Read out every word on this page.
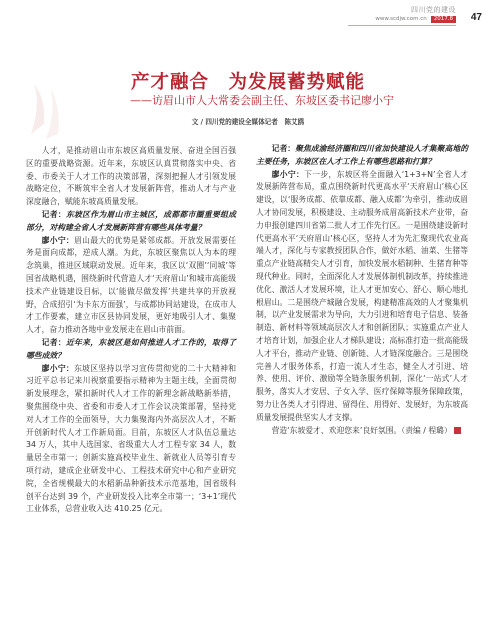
四川党的建设
www.scdjw.com.cn	2017.8	47
产才融合　为发展蓄势赋能
——访眉山市人大常委会副主任、东坡区委书记廖小宁
文 / 四川党的建设全媒体记者　陈艾鸥

人才，是推动眉山市东坡区高质量发展、奋进全国百强区的重要战略资源。近年来，东坡区认真贯彻落实中央、省委、市委关于人才工作的决策部署，深刻把握人才引领发展战略定位，不断筑牢全省人才发展新阵营，推动人才与产业深度融合，赋能东坡高质量发展。

记者：东坡区作为眉山市主城区，成都都市圈重要组成部分，对构建全省人才发展新阵营有哪些具体考量？

廖小宁：眉山最大的优势是紧邻成都。开放发展需要任务是面向成都，逆成人潮。为此，东坡区聚焦以人为本的理念筑巢，推进区域联动发展。近年来，我区以‘双圈’‘同城’等国省战略机遇，围绕新时代营造人才‘天府眉山’和城市高能级技术产业链建设目标，以‘能做尽做发挥’共建共享的开放视野，合成招引‘为卡东方面强’，与成都协同站建设，在成市人才工作要素，建立市区县协同发展，更好地吸引人才、集聚人才，奋力推动各地中业发展走在眉山市前面。

记者：近年来，东坡区是如何推进人才工作的，取得了哪些成效？

廖小宁：东坡区坚持以学习宣传贯彻党的二十大精神和习近平总书记来川视察重要指示精神为主题主线，全面贯彻新发展理念，紧扣新时代人才工作的新理念新战略新举措，聚焦围绕中央、省委和市委人才工作会议决策部署，坚持党对人才工作的全面领导，大力集聚海内外高层次人才，不断开创新时代人才工作新局面。目前，东坡区人才队伍总量达 34 万人，其中人选国家、省级重大人才工程专家 34 人，数量居全市第一；创新实施高校毕业生、新就业人员等引育专项行动，建成企业研发中心、工程技术研究中心和产业研究院，全省规模最大的水稻新品种新技术示范基地，国省级科创平台达到 39 个，产业研发投入比率全市第一；‘3+1’现代工业体系，总营业收入达 410.25 亿元。

记者：聚焦成渝经济圈和四川省加快建设人才集聚高地的主要任务，东坡区在人才工作上有哪些思路和打算？

廖小宁：下一步，东坡区将全面融入‘1+3+N’全省人才发展新阵营布局，重点围绕新时代更高水平‘天府眉山’核心区建设，以‘服务成都、依靠成都、融入成都’为牵引，推动成眉人才协同发展，积极建设、主动服务成眉高新技术产业带，奋力申报创建四川省第二批人才工作先行区。一是围绕建设新时代更高水平‘天府眉山’核心区，坚持人才为先汇聚现代农业高端人才，深化与专家教授团队合作，做好水稻、油菜、生猪等重点产业链高精尖人才引育，加快发展水稻制种、生猪育种等现代种业。同时，全面深化人才发展体制机制改革，持续推进优化、激活人才发展环境，让人才更加安心、舒心、顺心地扎根眉山。二是围绕产城融合发展，构建精准高效的人才聚集机制，以产业发展需求为导向，大力引进和培育电子信息、装备制造、新材料等领域高层次人才和创新团队；实施重点产业人才培育计划，加强企业人才梯队建设；高标准打造一批高能级人才平台，推动产业链、创新链、人才链深度融合。三是围绕完善人才服务体系，打造一流人才生态，健全人才引进、培养、使用、评价、激励等全链条服务机制，深化‘一站式’人才服务，落实人才安居、子女入学、医疗保障等服务保障政策，努力让各类人才引得进、留得住、用得好、发展好，为东坡高质量发展提供坚实人才支撑。

营造‘东坡爱才、欢迎您来’良好氛围。（责编 / 程璐）
